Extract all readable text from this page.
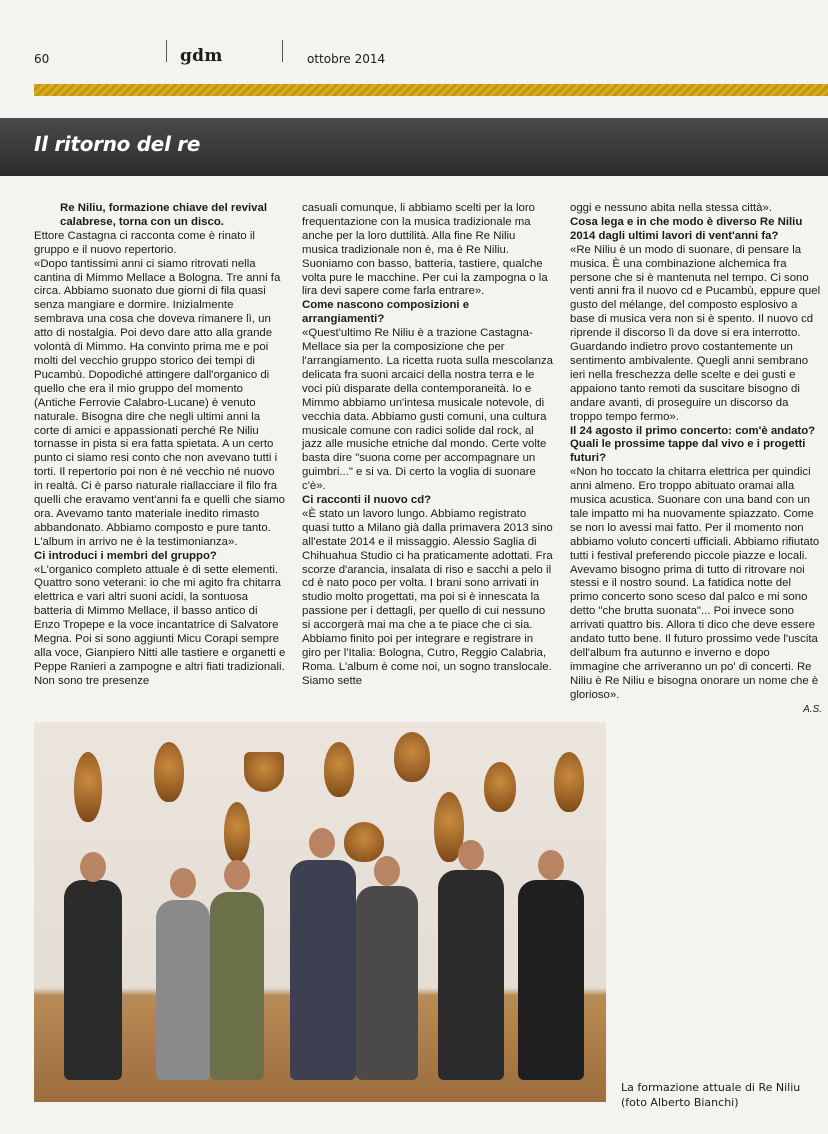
60	gdm	ottobre 2014
Il ritorno del re

Re Niliu, formazione chiave del revival calabrese, torna con un disco.

Ettore Castagna ci racconta come è rinato il gruppo e il nuovo repertorio.

«Dopo tantissimi anni ci siamo ritrovati nella cantina di Mimmo Mellace a Bologna. Tre anni fa circa. Abbiamo suonato due giorni di fila quasi senza mangiare e dormire. Inizialmente sembrava una cosa che doveva rimanere lì, un atto di nostalgia. Poi devo dare atto alla grande volontà di Mimmo. Ha convinto prima me e poi molti del vecchio gruppo storico dei tempi di Pucambù. Dopodiché attingere dall'organico di quello che era il mio gruppo del momento (Antiche Ferrovie Calabro-Lucane) è venuto naturale. Bisogna dire che negli ultimi anni la corte di amici e appassionati perché Re Niliu tornasse in pista si era fatta spietata. A un certo punto ci siamo resi conto che non avevano tutti i torti. Il repertorio poi non è né vecchio né nuovo in realtà. Ci è parso naturale riallacciare il filo fra quelli che eravamo vent'anni fa e quelli che siamo ora. Avevamo tanto materiale inedito rimasto abbandonato. Abbiamo composto e pure tanto. L'album in arrivo ne è la testimonianza».

Ci introduci i membri del gruppo?

«L'organico completo attuale è di sette elementi. Quattro sono veterani: io che mi agito fra chitarra elettrica e vari altri suoni acidi, la sontuosa batteria di Mimmo Mellace, il basso antico di Enzo Tropepe e la voce incantatrice di Salvatore Megna. Poi si sono aggiunti Micu Corapi sempre alla voce, Gianpiero Nitti alle tastiere e organetti e Peppe Ranieri a zampogne e altri fiati tradizionali. Non sono tre presenze

casuali comunque, li abbiamo scelti per la loro frequentazione con la musica tradizionale ma anche per la loro duttilità. Alla fine Re Niliu musica tradizionale non è, ma è Re Niliu. Suoniamo con basso, batteria, tastiere, qualche volta pure le macchine. Per cui la zampogna o la lira devi sapere come farla entrare».

Come nascono composizioni e arrangiamenti?

«Quest'ultimo Re Niliu è a trazione Castagna-Mellace sia per la composizione che per l'arrangiamento. La ricetta ruota sulla mescolanza delicata fra suoni arcaici della nostra terra e le voci più disparate della contemporaneità. Io e Mimmo abbiamo un'intesa musicale notevole, di vecchia data. Abbiamo gusti comuni, una cultura musicale comune con radici solide dal rock, al jazz alle musiche etniche dal mondo. Certe volte basta dire "suona come per accompagnare un guimbri..." e si va. Di certo la voglia di suonare c'è».

Ci racconti il nuovo cd?

«È stato un lavoro lungo. Abbiamo registrato quasi tutto a Milano già dalla primavera 2013 sino all'estate 2014 e il missaggio. Alessio Saglia di Chihuahua Studio ci ha praticamente adottati. Fra scorze d'arancia, insalata di riso e sacchi a pelo il cd è nato poco per volta. I brani sono arrivati in studio molto progettati, ma poi si è innescata la passione per i dettagli, per quello di cui nessuno si accorgerà mai ma che a te piace che ci sia. Abbiamo finito poi per integrare e registrare in giro per l'Italia: Bologna, Cutro, Reggio Calabria, Roma. L'album è come noi, un sogno translocale. Siamo sette

oggi e nessuno abita nella stessa città».

Cosa lega e in che modo è diverso Re Niliu 2014 dagli ultimi lavori di vent'anni fa?

«Re Niliu è un modo di suonare, di pensare la musica. È una combinazione alchemica fra persone che si è mantenuta nel tempo. Ci sono venti anni fra il nuovo cd e Pucambù, eppure quel gusto del mélange, del composto esplosivo a base di musica vera non si è spento. Il nuovo cd riprende il discorso lì da dove si era interrotto. Guardando indietro provo costantemente un sentimento ambivalente. Quegli anni sembrano ieri nella freschezza delle scelte e dei gusti e appaiono tanto remoti da suscitare bisogno di andare avanti, di proseguire un discorso da troppo tempo fermo».

Il 24 agosto il primo concerto: com'è andato? Quali le prossime tappe dal vivo e i progetti futuri?

«Non ho toccato la chitarra elettrica per quindici anni almeno. Ero troppo abituato oramai alla musica acustica. Suonare con una band con un tale impatto mi ha nuovamente spiazzato. Come se non lo avessi mai fatto. Per il momento non abbiamo voluto concerti ufficiali. Abbiamo rifiutato tutti i festival preferendo piccole piazze e locali. Avevamo bisogno prima di tutto di ritrovare noi stessi e il nostro sound. La fatidica notte del primo concerto sono sceso dal palco e mi sono detto "che brutta suonata"... Poi invece sono arrivati quattro bis. Allora ti dico che deve essere andato tutto bene. Il futuro prossimo vede l'uscita dell'album fra autunno e inverno e dopo immagine che arriveranno un po' di concerti. Re Niliu è Re Niliu e bisogna onorare un nome che è glorioso».

A.S.

La formazione attuale di Re Niliu
(foto Alberto Bianchi)
